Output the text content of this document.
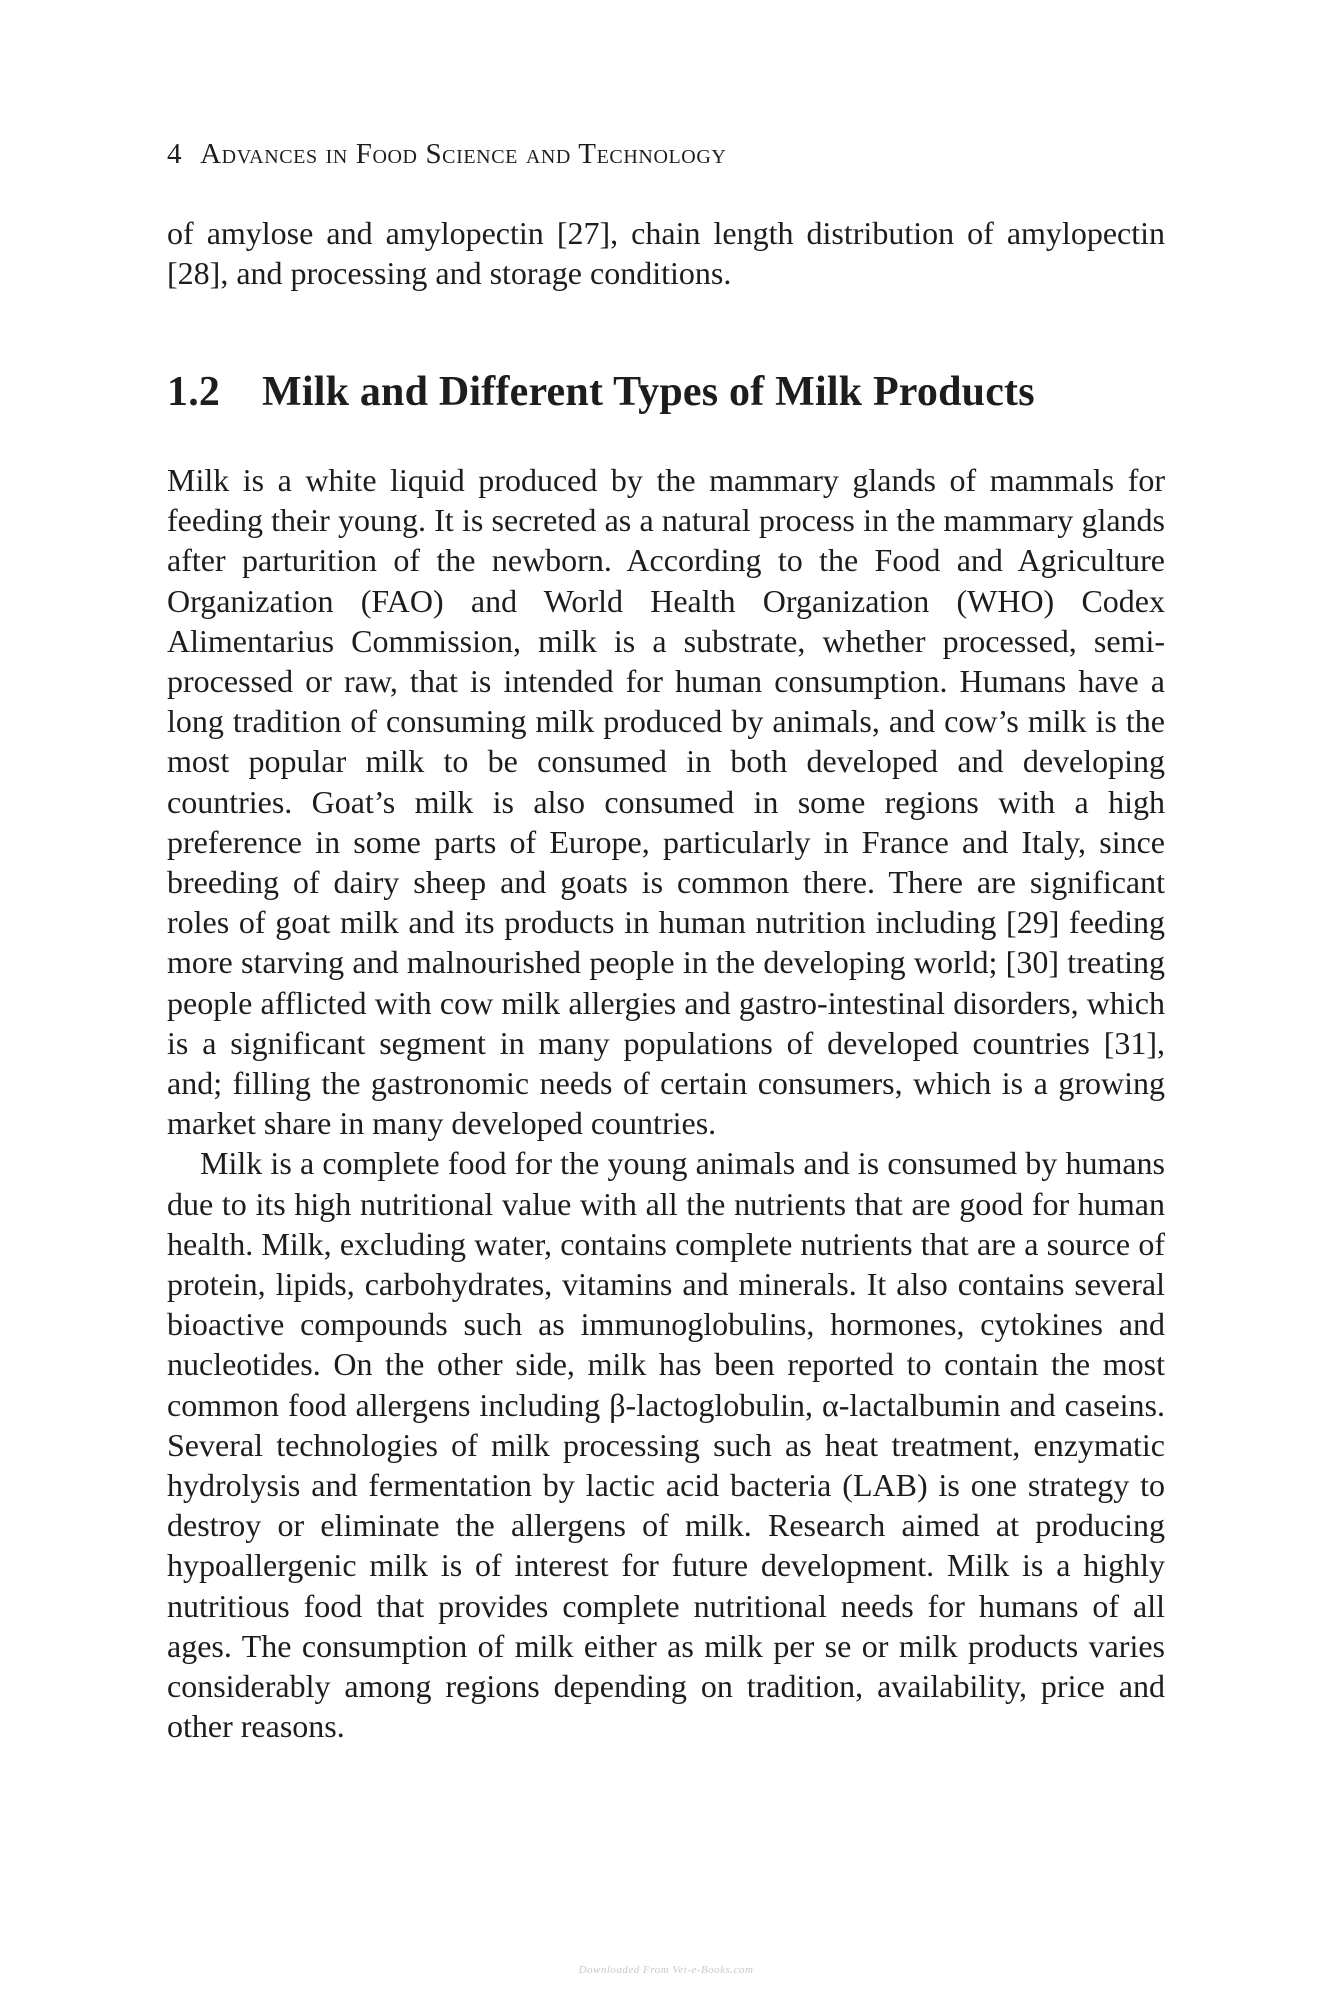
4 Advances in Food Science and Technology
of amylose and amylopectin [27], chain length distribution of amylopectin [28], and processing and storage conditions.
1.2 Milk and Different Types of Milk Products

Milk is a white liquid produced by the mammary glands of mammals for feeding their young. It is secreted as a natural process in the mammary glands after parturition of the newborn. According to the Food and Agriculture Organization (FAO) and World Health Organization (WHO) Codex Alimentarius Commission, milk is a substrate, whether processed, semi-processed or raw, that is intended for human consumption. Humans have a long tradition of consuming milk produced by animals, and cow’s milk is the most popular milk to be consumed in both developed and developing countries. Goat’s milk is also consumed in some regions with a high preference in some parts of Europe, particularly in France and Italy, since breeding of dairy sheep and goats is common there. There are significant roles of goat milk and its products in human nutrition including [29] feeding more starving and malnourished people in the developing world; [30] treating people afflicted with cow milk allergies and gastro-intestinal disorders, which is a significant segment in many populations of developed countries [31], and; filling the gastronomic needs of certain consumers, which is a growing market share in many developed countries.

Milk is a complete food for the young animals and is consumed by humans due to its high nutritional value with all the nutrients that are good for human health. Milk, excluding water, contains complete nutrients that are a source of protein, lipids, carbohydrates, vitamins and minerals. It also contains several bioactive compounds such as immunoglobulins, hormones, cytokines and nucleotides. On the other side, milk has been reported to contain the most common food allergens including β-lactoglobulin, α-lactalbumin and caseins. Several technologies of milk processing such as heat treatment, enzymatic hydrolysis and fermentation by lactic acid bacteria (LAB) is one strategy to destroy or eliminate the allergens of milk. Research aimed at producing hypoallergenic milk is of interest for future development. Milk is a highly nutritious food that provides complete nutritional needs for humans of all ages. The consumption of milk either as milk per se or milk products varies considerably among regions depending on tradition, availability, price and other reasons.

Downloaded From Vet-e-Books.com
